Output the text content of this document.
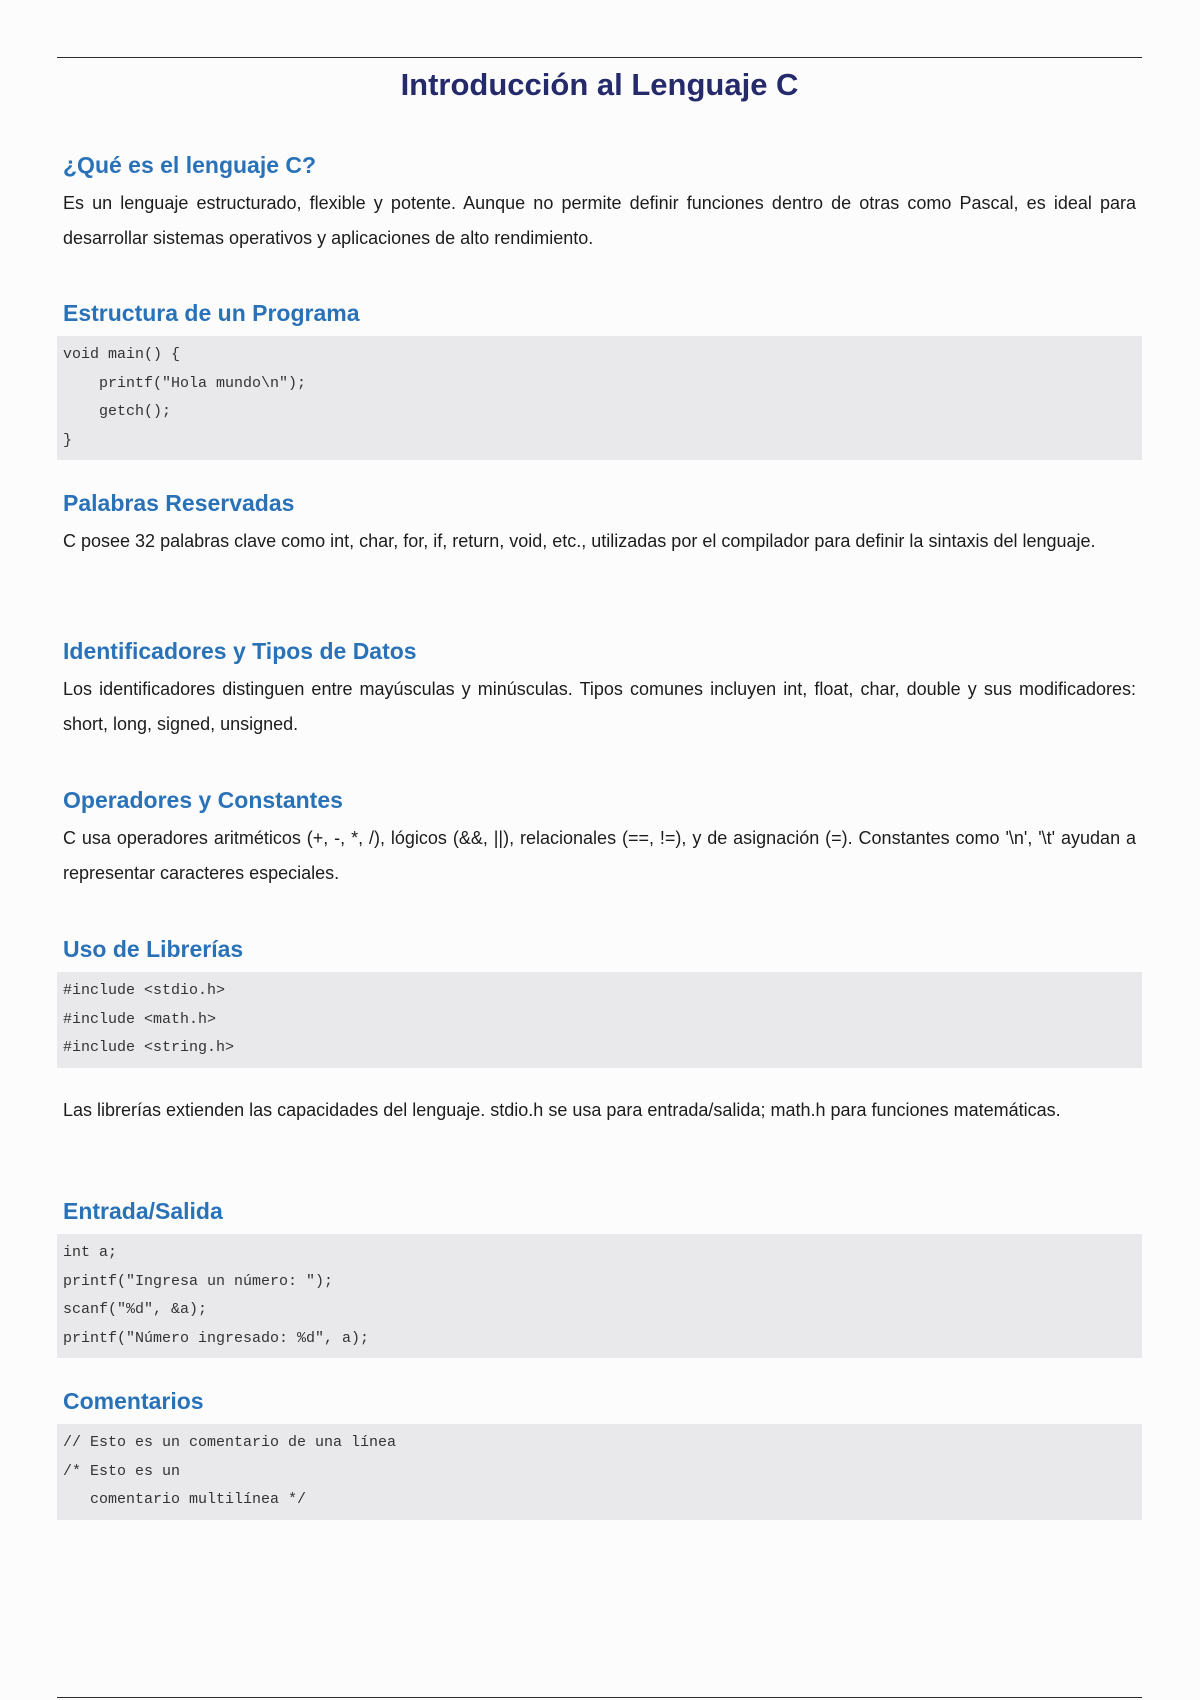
Introducción al Lenguaje C
¿Qué es el lenguaje C?

Es un lenguaje estructurado, flexible y potente. Aunque no permite definir funciones dentro de otras como Pascal, es ideal para desarrollar sistemas operativos y aplicaciones de alto rendimiento.

Estructura de un Programa
void main() {
printf("Hola mundo\n");
getch();
}
Palabras Reservadas

C posee 32 palabras clave como int, char, for, if, return, void, etc., utilizadas por el compilador para definir la sintaxis del lenguaje.

Identificadores y Tipos de Datos

Los identificadores distinguen entre mayúsculas y minúsculas. Tipos comunes incluyen int, float, char, double y sus modificadores: short, long, signed, unsigned.

Operadores y Constantes

C usa operadores aritméticos (+, -, *, /), lógicos (&&, ||), relacionales (==, !=), y de asignación (=). Constantes como '\n', '\t' ayudan a representar caracteres especiales.

Uso de Librerías
#include <stdio.h>
#include <math.h>
#include <string.h>

Las librerías extienden las capacidades del lenguaje. stdio.h se usa para entrada/salida; math.h para funciones matemáticas.

Entrada/Salida
int a;
printf("Ingresa un número: ");
scanf("%d", &a);
printf("Número ingresado: %d", a);
Comentarios
// Esto es un comentario de una línea
/* Esto es un
comentario multilínea */
